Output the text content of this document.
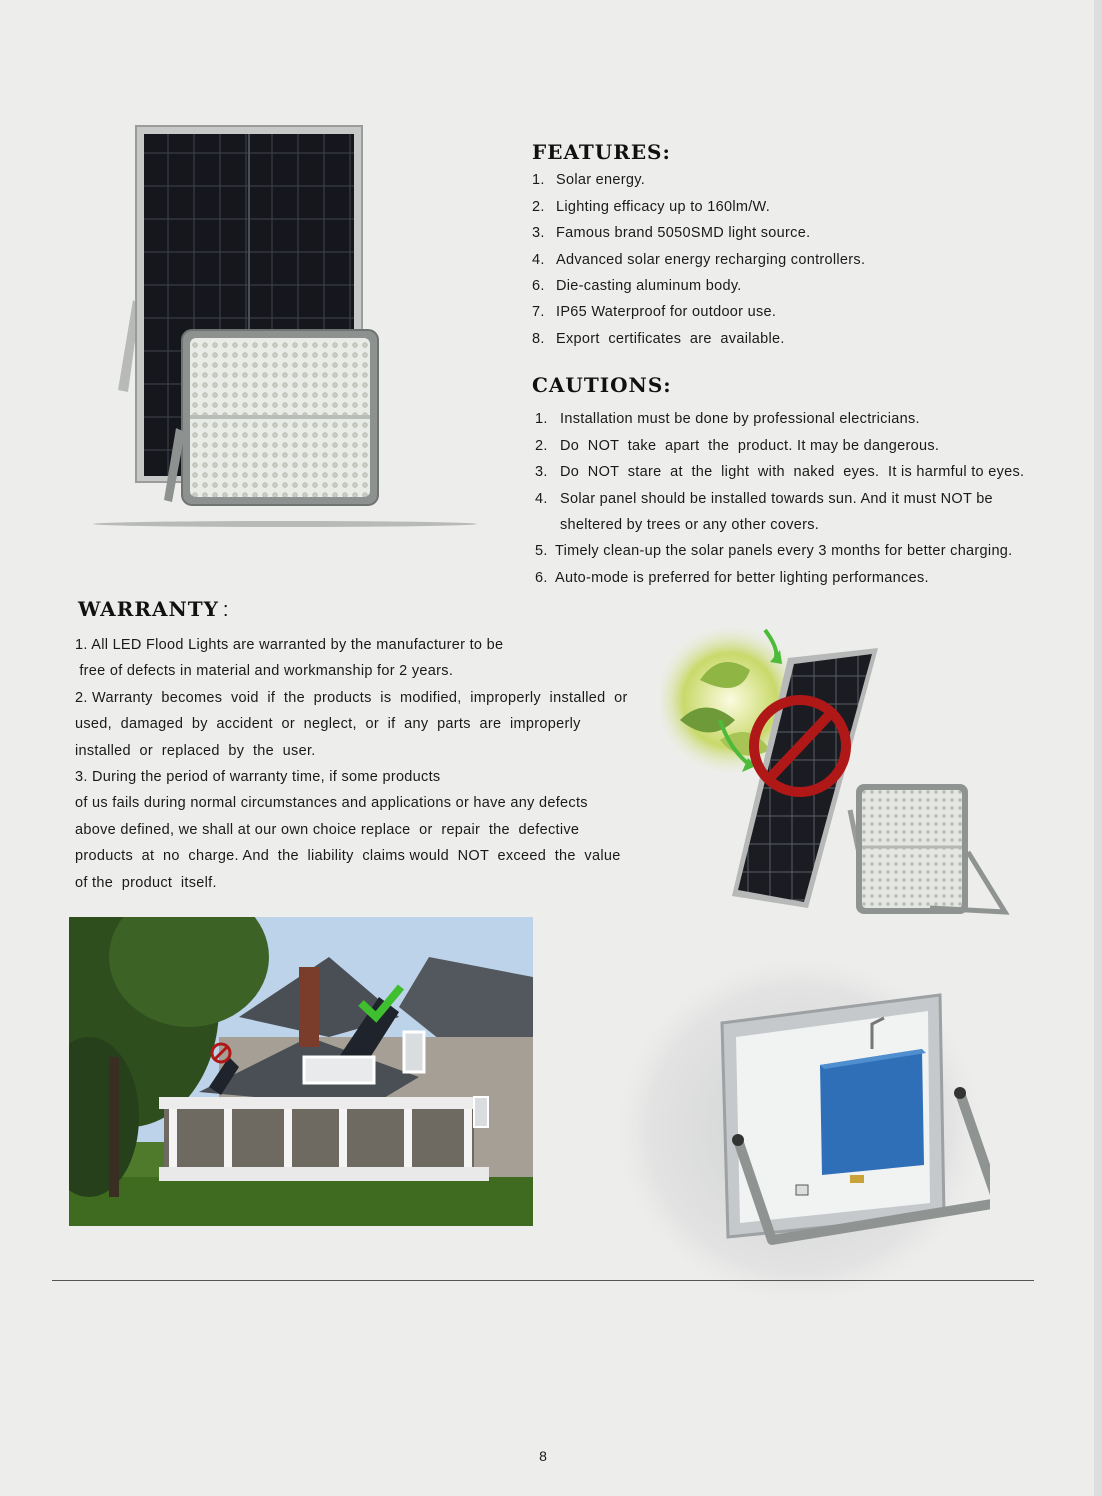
FEATURES:
1. Solar energy.
2. Lighting efficacy up to 160lm/W.
3. Famous brand 5050SMD light source.
4. Advanced solar energy recharging controllers.
6. Die-casting aluminum body.
7. IP65 Waterproof for outdoor use.
8. Export  certificates  are  available.
CAUTIONS:
1. Installation must be done by professional electricians.
2. Do  NOT  take  apart  the  product. It may be dangerous.
3. Do  NOT  stare  at  the  light  with  naked  eyes.  It is harmful to eyes.
4. Solar panel should be installed towards sun. And it must NOT be
sheltered by trees or any other covers.
5. Timely clean-up the solar panels every 3 months for better charging.
6. Auto-mode is preferred for better lighting performances.
WARRANTY :
1. All LED Flood Lights are warranted by the manufacturer to be
free of defects in material and workmanship for 2 years.
2. Warranty  becomes  void  if  the  products  is  modified,  improperly  installed  or
used,  damaged  by  accident  or  neglect,  or  if  any  parts  are  improperly
installed  or  replaced  by  the  user.
3. During the period of warranty time, if some products
of us fails during normal circumstances and applications or have any defects
above defined, we shall at our own choice replace  or  repair  the  defective
products  at  no  charge. And  the  liability  claims would  NOT  exceed  the  value
of the  product  itself.
8
